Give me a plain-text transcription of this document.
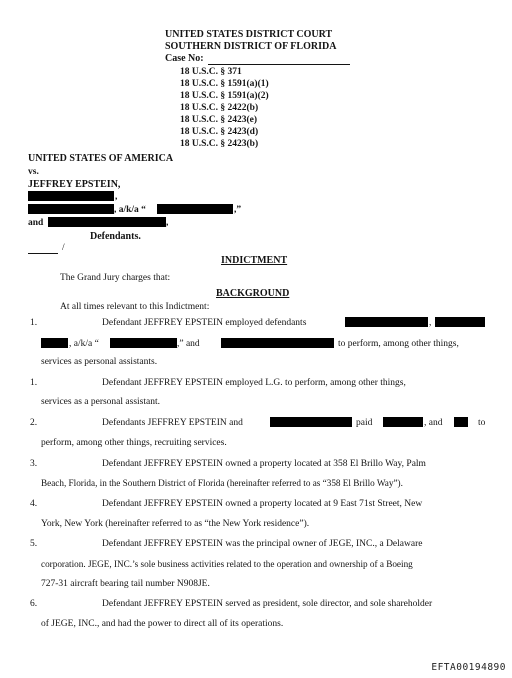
UNITED STATES DISTRICT COURT
SOUTHERN DISTRICT OF FLORIDA
Case No:
18 U.S.C. § 371
18 U.S.C. § 1591(a)(1)
18 U.S.C. § 1591(a)(2)
18 U.S.C. § 2422(b)
18 U.S.C. § 2423(e)
18 U.S.C. § 2423(d)
18 U.S.C. § 2423(b)
UNITED STATES OF AMERICA
vs.
JEFFREY EPSTEIN,
,
, a/k/a “	,”
and	,
Defendants.
/
INDICTMENT
The Grand Jury charges that:
BACKGROUND
At all times relevant to this Indictment:
1.	Defendant JEFFREY EPSTEIN employed defendants	,
, a/k/a “	,” and	to perform, among other things,
services as personal assistants.
1.	Defendant JEFFREY EPSTEIN employed L.G. to perform, among other things,
services as a personal assistant.
2.	Defendants JEFFREY EPSTEIN and	paid	, and	to
perform, among other things, recruiting services.
3.	Defendant JEFFREY EPSTEIN owned a property located at 358 El Brillo Way, Palm
Beach, Florida, in the Southern District of Florida (hereinafter referred to as “358 El Brillo Way”).
4.	Defendant JEFFREY EPSTEIN owned a property located at 9 East 71st Street, New
York, New York (hereinafter referred to as “the New York residence”).
5.	Defendant JEFFREY EPSTEIN was the principal owner of JEGE, INC., a Delaware
corporation. JEGE, INC.’s sole business activities related to the operation and ownership of a Boeing
727-31 aircraft bearing tail number N908JE.
6.	Defendant JEFFREY EPSTEIN served as president, sole director, and sole shareholder
of JEGE, INC., and had the power to direct all of its operations.
EFTA00194890
